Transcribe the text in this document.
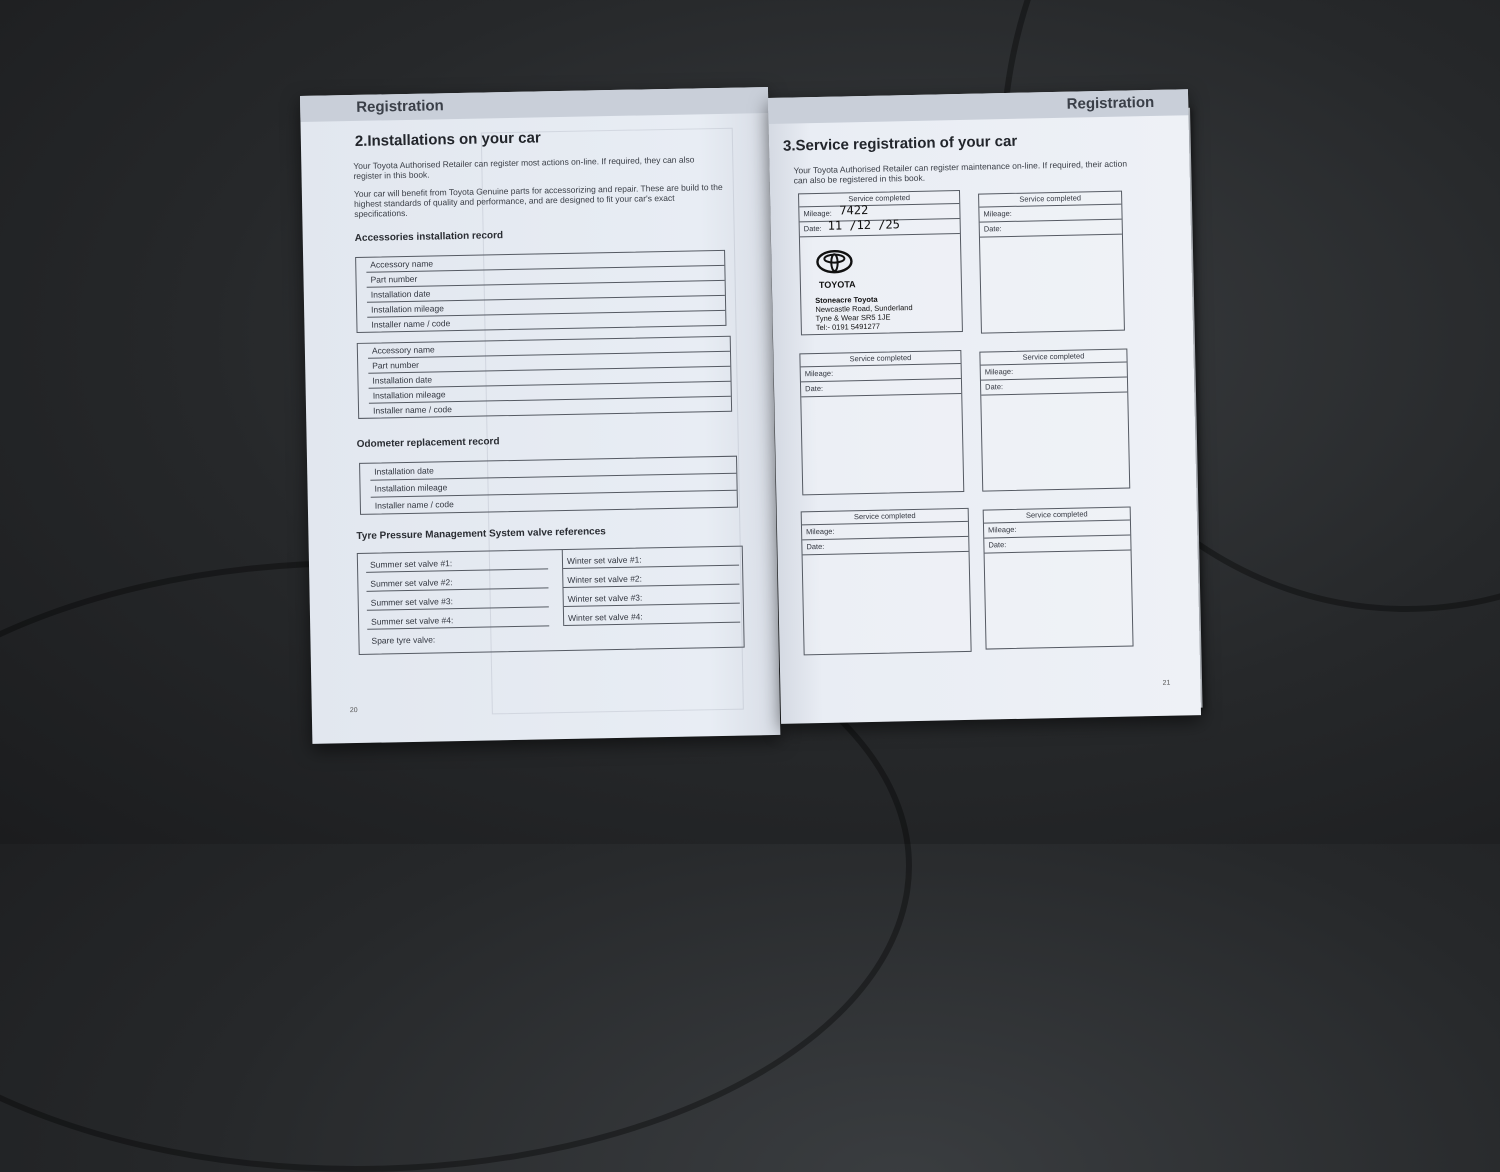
Registration
2.Installations on your car
Your Toyota Authorised Retailer can register most actions on-line. If required, they can also register in this book.
Your car will benefit from Toyota Genuine parts for accessorizing and repair. These are build to the highest standards of quality and performance, and are designed to fit your car's exact specifications.
Accessories installation record
Accessory name
Part number
Installation date
Installation mileage
Installer name / code
Accessory name
Part number
Installation date
Installation mileage
Installer name / code
Odometer replacement record
Installation date
Installation mileage
Installer name / code
Tyre Pressure Management System valve references
Summer set valve #1:
Summer set valve #2:
Summer set valve #3:
Summer set valve #4:
Spare tyre valve:
Winter set valve #1:
Winter set valve #2:
Winter set valve #3:
Winter set valve #4:
20
Registration
3.Service registration of your car
Your Toyota Authorised Retailer can register maintenance on-line. If required, their action can also be registered in this book.
Service completed
Mileage: 7422
Date: 11 /12 /25
TOYOTA
Stoneacre Toyota
Newcastle Road, Sunderland
Tyne & Wear SR5 1JE
Tel:- 0191 5491277
Service completed
Mileage:
Date:
Service completed
Mileage:
Date:
Service completed
Mileage:
Date:
Service completed
Mileage:
Date:
Service completed
Mileage:
Date:
21
